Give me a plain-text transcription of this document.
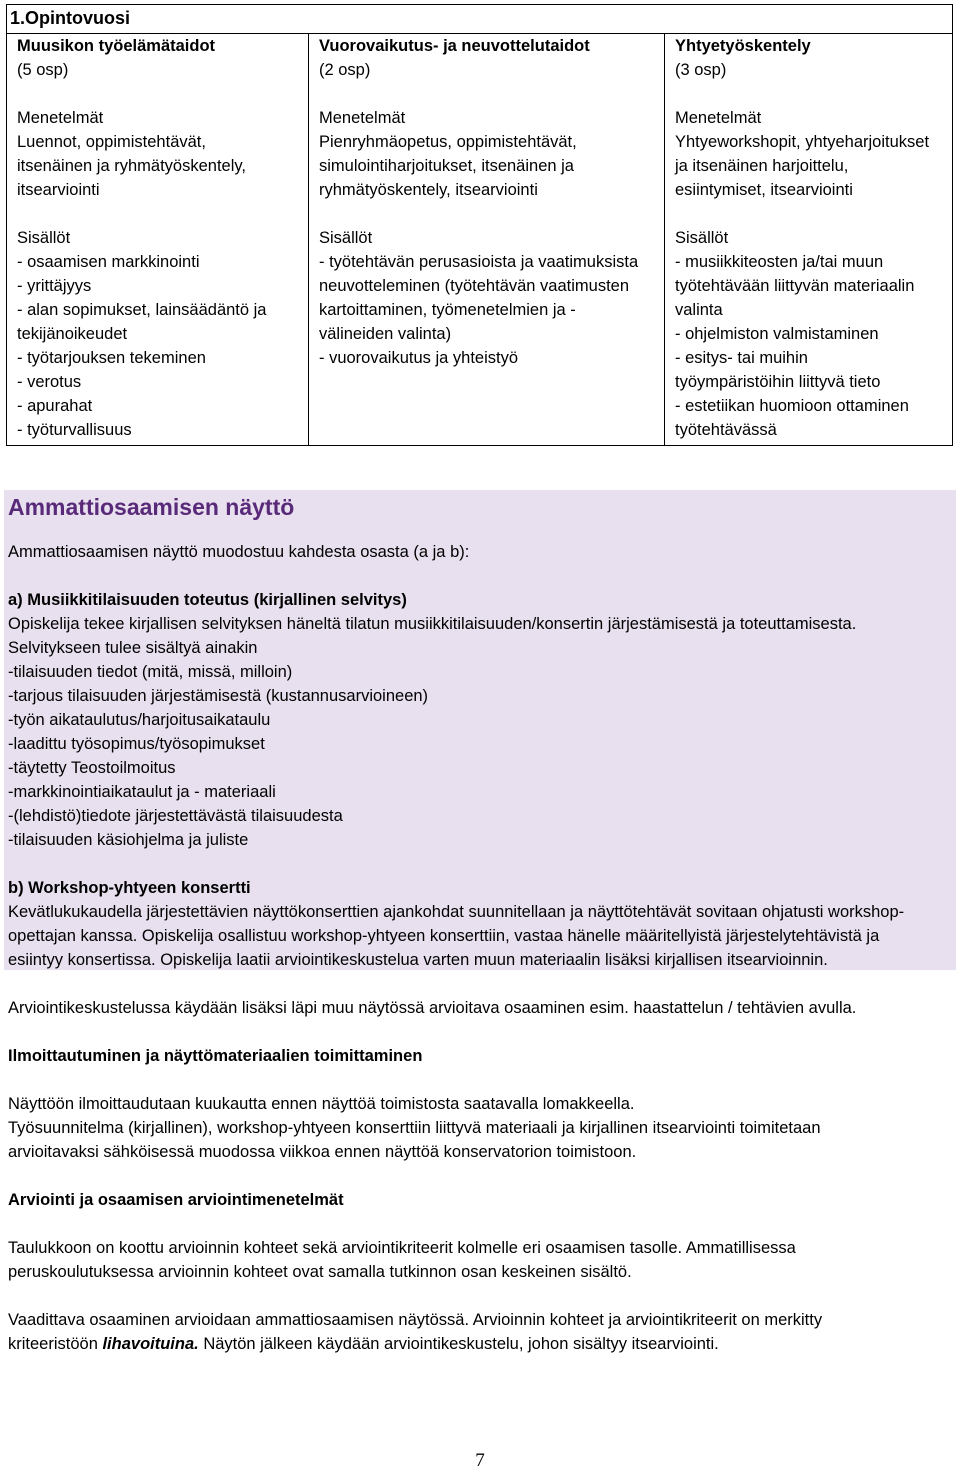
1.Opintovuosi

Muusikon työelämätaidot
(5 osp)
Menetelmät
Luennot, oppimistehtävät,
itsenäinen ja ryhmätyöskentely,
itsearviointi
Sisällöt
- osaamisen markkinointi
- yrittäjyys
- alan sopimukset, lainsäädäntö ja
tekijänoikeudet
- työtarjouksen tekeminen
- verotus
- apurahat
- työturvallisuus

Vuorovaikutus- ja neuvottelutaidot
(2 osp)
Menetelmät
Pienryhmäopetus, oppimistehtävät,
simulointiharjoitukset, itsenäinen ja
ryhmätyöskentely, itsearviointi
Sisällöt
- työtehtävän perusasioista ja vaatimuksista
neuvotteleminen (työtehtävän vaatimusten
kartoittaminen, työmenetelmien ja -
välineiden valinta)
- vuorovaikutus ja yhteistyö

Yhtyetyöskentely
(3 osp)
Menetelmät
Yhtyeworkshopit, yhtyeharjoitukset
ja itsenäinen harjoittelu,
esiintymiset, itsearviointi
Sisällöt
- musiikkiteosten ja/tai muun
työtehtävään liittyvän materiaalin
valinta
- ohjelmiston valmistaminen
- esitys- tai muihin
työympäristöihin liittyvä tieto
- estetiikan huomioon ottaminen
työtehtävässä
Ammattiosaamisen näyttö
Ammattiosaamisen näyttö muodostuu kahdesta osasta (a ja b):
a) Musiikkitilaisuuden toteutus (kirjallinen selvitys)
Opiskelija tekee kirjallisen selvityksen häneltä tilatun musiikkitilaisuuden/konsertin järjestämisestä ja toteuttamisesta.
Selvitykseen tulee sisältyä ainakin
-tilaisuuden tiedot (mitä, missä, milloin)
-tarjous tilaisuuden järjestämisestä (kustannusarvioineen)
-työn aikataulutus/harjoitusaikataulu
-laadittu työsopimus/työsopimukset
-täytetty Teostoilmoitus
-markkinointiaikataulut ja - materiaali
-(lehdistö)tiedote järjestettävästä tilaisuudesta
-tilaisuuden käsiohjelma ja juliste
b) Workshop-yhtyeen konsertti
Kevätlukukaudella järjestettävien näyttökonserttien ajankohdat suunnitellaan ja näyttötehtävät sovitaan ohjatusti workshop-
opettajan kanssa. Opiskelija osallistuu workshop-yhtyeen konserttiin, vastaa hänelle määritellyistä järjestelytehtävistä ja
esiintyy konsertissa. Opiskelija laatii arviointikeskustelua varten muun materiaalin lisäksi kirjallisen itsearvioinnin.
Arviointikeskustelussa käydään lisäksi läpi muu näytössä arvioitava osaaminen esim. haastattelun / tehtävien avulla.
Ilmoittautuminen ja näyttömateriaalien toimittaminen
Näyttöön ilmoittaudutaan kuukautta ennen näyttöä toimistosta saatavalla lomakkeella.
Työsuunnitelma (kirjallinen), workshop-yhtyeen konserttiin liittyvä materiaali ja kirjallinen itsearviointi toimitetaan
arvioitavaksi sähköisessä muodossa viikkoa ennen näyttöä konservatorion toimistoon.
Arviointi ja osaamisen arviointimenetelmät
Taulukkoon on koottu arvioinnin kohteet sekä arviointikriteerit kolmelle eri osaamisen tasolle. Ammatillisessa
peruskoulutuksessa arvioinnin kohteet ovat samalla tutkinnon osan keskeinen sisältö.
Vaadittava osaaminen arvioidaan ammattiosaamisen näytössä. Arvioinnin kohteet ja arviointikriteerit on merkitty
kriteeristöön lihavoituina. Näytön jälkeen käydään arviointikeskustelu, johon sisältyy itsearviointi.
7
